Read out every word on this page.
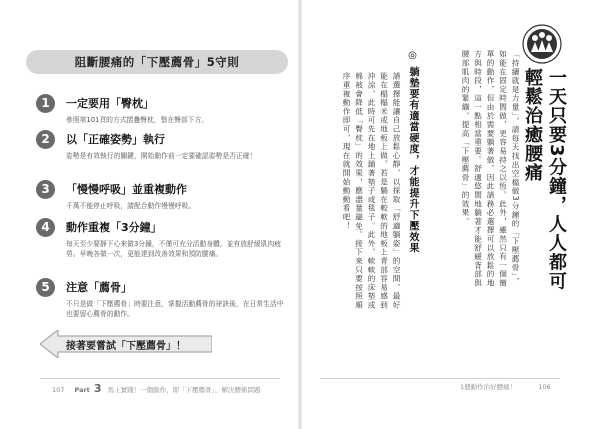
阻斷腰痛的「下壓薦骨」5守則
1	一定要用「臀枕」
參照第101頁的方式摺疊臀枕，墊在臀部下方。
2	以「正確姿勢」執行
姿勢是有效執行的關鍵，開始動作前一定要確認姿勢是否正確！
3	「慢慢呼吸」並重複動作
千萬不能停止呼吸，請配合動作慢慢呼吸。
4	動作重複「3分鐘」
每天至少要靜下心來做3分鐘，不僅可充分活動身體，並有放舒緩肌肉疲勞。早晚各做一次，更能達到改善效果和預防腰痛。
5	注意「薦骨」
不只是做「下壓薦骨」時要注意，掌握活動薦骨的祕訣後，在日常生活中也要留心薦骨的動作。
接著要嘗試「下壓薦骨」！
107 Part 3 馬上實踐！一個動作，即「下壓薦骨」，解決腰痛問題
一天只要3分鐘，人人都可輕鬆治癒腰痛
「持續就是力量」，請每天找出空檔做3分鐘的「下壓薦骨」，如能在固定時間做，更容易持之以恆。此外，雖然只有一個簡單的動作，但由於需要躺著做，因此請務必選擇可以放鬆的地方與時段，這一點相當重要。舒適悠閒地躺著才能舒緩背部與腰部肌肉的緊繃，提高「下壓薦骨」的效果。
◎ 躺墊要有適當硬度，才能提升下壓效果
請選擇能讓自己放鬆心靜，以採取「舒適躺姿」的空間，最好能在榻榻米或地板上做。若是躺在較軟的地板上背部容易感到沖涼，此時可先在地上鋪著墊子或毯子。此外，軟軟的床墊或棉被會降低「臀枕」的效果，應盡量避免。接下來只要按照順序重複動作即可，現在就開始動動看吧！
1個動作治好腰痛！	106
